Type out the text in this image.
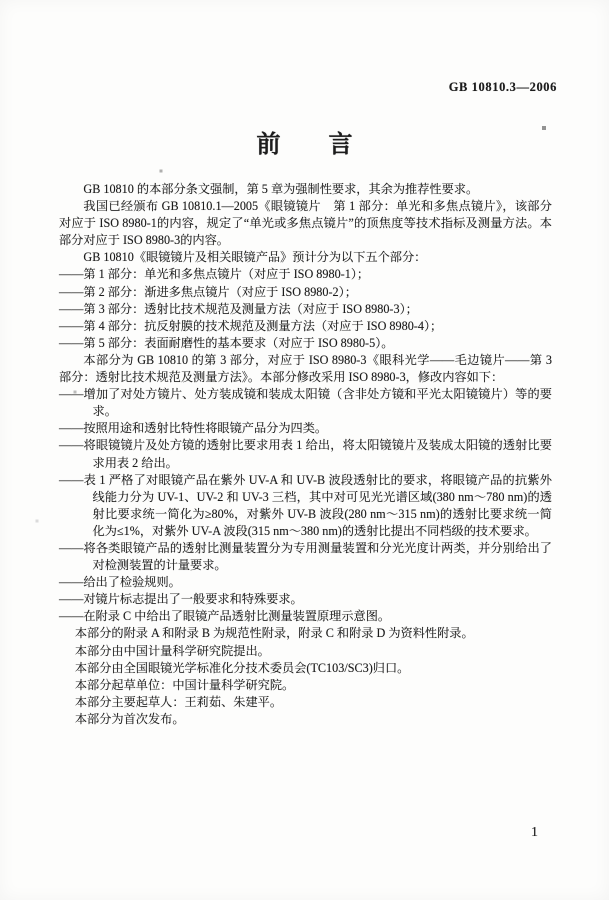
GB 10810.3—2006
前　　言

GB 10810 的本部分条文强制，第 5 章为强制性要求，其余为推荐性要求。

我国已经颁布 GB 10810.1—2005《眼镜镜片　第 1 部分：单光和多焦点镜片》，该部分对应于 ISO 8980-1的内容，规定了“单光或多焦点镜片”的顶焦度等技术指标及测量方法。本部分对应于 ISO 8980-3的内容。

GB 10810《眼镜镜片及相关眼镜产品》预计分为以下五个部分：

——第 1 部分：单光和多焦点镜片（对应于 ISO 8980-1）；

——第 2 部分：渐进多焦点镜片（对应于 ISO 8980-2）；

——第 3 部分：透射比技术规范及测量方法（对应于 ISO 8980-3）；

——第 4 部分：抗反射膜的技术规范及测量方法（对应于 ISO 8980-4）；

——第 5 部分：表面耐磨性的基本要求（对应于 ISO 8980-5）。

本部分为 GB 10810 的第 3 部分，对应于 ISO 8980-3《眼科光学——毛边镜片——第 3 部分：透射比技术规范及测量方法》。本部分修改采用 ISO 8980-3，修改内容如下：

——增加了对处方镜片、处方装成镜和装成太阳镜（含非处方镜和平光太阳镜镜片）等的要求。

——按照用途和透射比特性将眼镜产品分为四类。

——将眼镜镜片及处方镜的透射比要求用表 1 给出，将太阳镜镜片及装成太阳镜的透射比要求用表 2 给出。

——表 1 严格了对眼镜产品在紫外 UV-A 和 UV-B 波段透射比的要求，将眼镜产品的抗紫外线能力分为 UV-1、UV-2 和 UV-3 三档，其中对可见光光谱区域(380 nm～780 nm)的透射比要求统一简化为≥80%，对紫外 UV-B 波段(280 nm～315 nm)的透射比要求统一简化为≤1%，对紫外 UV-A 波段(315 nm～380 nm)的透射比提出不同档级的技术要求。

——将各类眼镜产品的透射比测量装置分为专用测量装置和分光光度计两类，并分别给出了对检测装置的计量要求。

——给出了检验规则。

——对镜片标志提出了一般要求和特殊要求。

——在附录 C 中给出了眼镜产品透射比测量装置原理示意图。

本部分的附录 A 和附录 B 为规范性附录，附录 C 和附录 D 为资料性附录。

本部分由中国计量科学研究院提出。

本部分由全国眼镜光学标准化分技术委员会(TC103/SC3)归口。

本部分起草单位：中国计量科学研究院。

本部分主要起草人：王莉茹、朱建平。

本部分为首次发布。

1
